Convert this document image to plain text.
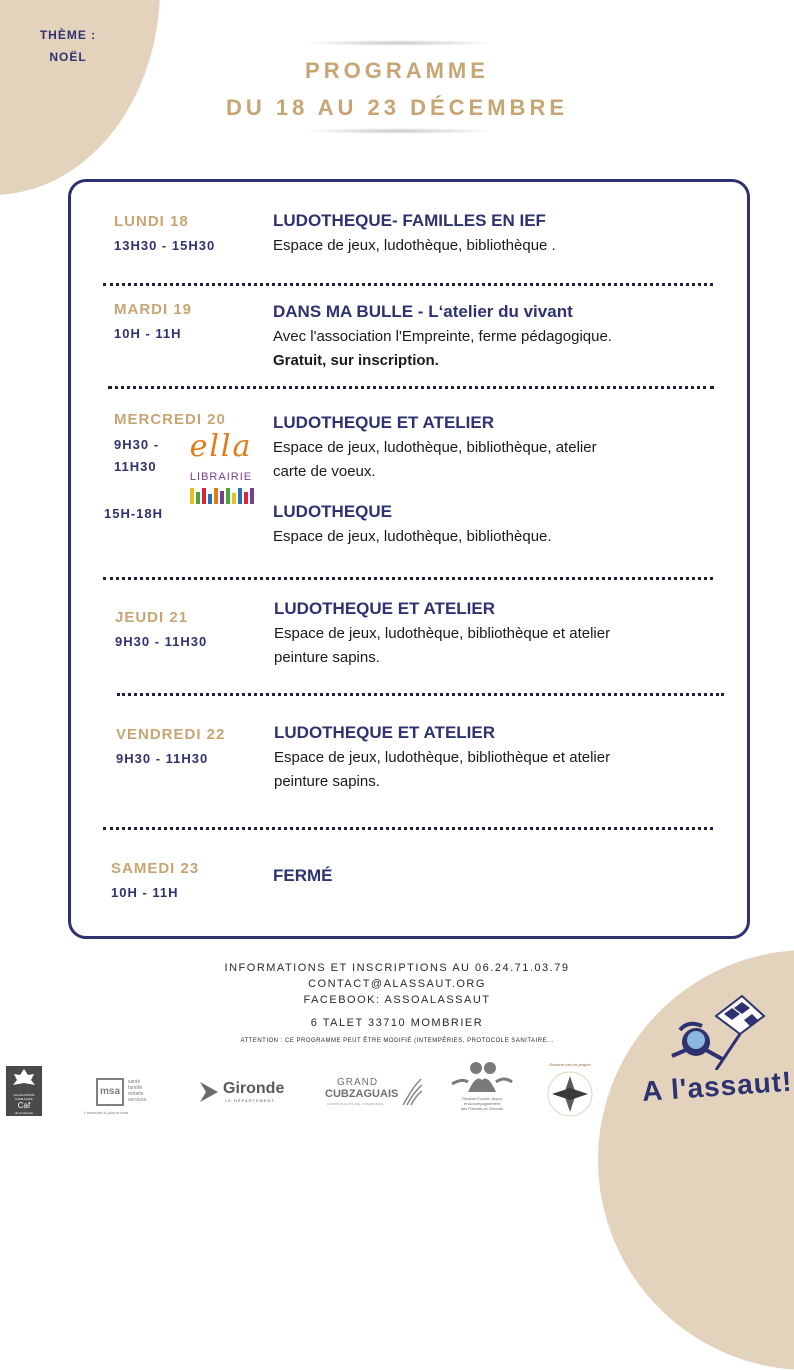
THÈME :
NOËL
PROGRAMME
DU 18 AU 23 DÉCEMBRE
LUNDI 18
13H30 - 15H30
LUDOTHEQUE- FAMILLES EN IEF
Espace de jeux, ludothèque, bibliothèque .
MARDI 19
10H - 11H
DANS MA BULLE - L‘atelier du vivant
Avec l'association l'Empreinte, ferme pédagogique.
Gratuit, sur inscription.
MERCREDI 20
9H30 -
11H30
LUDOTHEQUE ET ATELIER
Espace de jeux, ludothèque, bibliothèque, atelier
carte de voeux.
ella
LIBRAIRIE
15H-18H	LUDOTHEQUE
Espace de jeux, ludothèque, bibliothèque.
JEUDI 21
9H30 - 11H30
LUDOTHEQUE ET ATELIER
Espace de jeux, ludothèque, bibliothèque et atelier
peinture sapins.
VENDREDI 22
9H30 - 11H30
LUDOTHEQUE ET ATELIER
Espace de jeux, ludothèque, bibliothèque et atelier
peinture sapins.
SAMEDI 23
10H - 11H
FERMÉ
INFORMATIONS ET INSCRIPTIONS AU 06.24.71.03.79
CONTACT@ALASSAUT.ORG
FACEBOOK: ASSOALASSAUT
6 TALET 33710 MOMBRIER
ATTENTION : CE PROGRAMME PEUT ÊTRE MODIFIÉ (INTEMPÉRIES, PROTOCOLE SANITAIRE...
ALLOCATIONS
FAMILIALES
Caf
de la Gironde
msa
santé
famille
retraite
services
L'essentiel & plus encore
Gironde
LE DÉPARTEMENT
GRAND
CUBZAGUAIS
COMMUNAUTÉ DE COMMUNES
Réseau Ecoute, Appui
et Accompagnement
des Parents en Gironde
Dessine-moi un poquot
A l'assaut!
